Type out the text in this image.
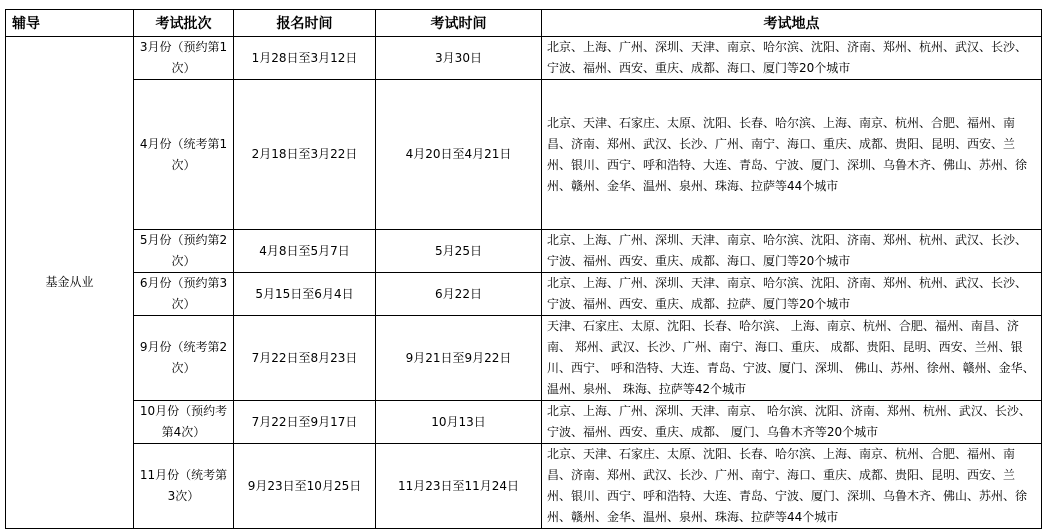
辅导	考试批次	报名时间	考试时间	考试地点
基金从业	3月份（预约第1次）	1月28日至3月12日	3月30日	北京、上海、广州、深圳、天津、南京、哈尔滨、沈阳、济南、郑州、杭州、武汉、长沙、宁波、福州、西安、重庆、成都、海口、厦门等20个城市
	4月份（统考第1次）	2月18日至3月22日	4月20日至4月21日	北京、天津、石家庄、太原、沈阳、长春、哈尔滨、上海、南京、杭州、合肥、福州、南昌、济南、郑州、武汉、长沙、广州、南宁、海口、重庆、成都、贵阳、昆明、西安、兰州、银川、西宁、呼和浩特、大连、青岛、宁波、厦门、深圳、乌鲁木齐、佛山、苏州、徐州、赣州、金华、温州、泉州、珠海、拉萨等44个城市
	5月份（预约第2次）	4月8日至5月7日	5月25日	北京、上海、广州、深圳、天津、南京、哈尔滨、沈阳、济南、郑州、杭州、武汉、长沙、宁波、福州、西安、重庆、成都、海口、厦门等20个城市
	6月份（预约第3次）	5月15日至6月4日	6月22日	北京、上海、广州、深圳、天津、南京、哈尔滨、沈阳、济南、郑州、杭州、武汉、长沙、宁波、福州、西安、重庆、成都、拉萨、厦门等20个城市
	9月份（统考第2次）	7月22日至8月23日	9月21日至9月22日	天津、石家庄、太原、沈阳、长春、哈尔滨、 上海、南京、杭州、合肥、福州、南昌、济南、 郑州、武汉、长沙、广州、南宁、海口、重庆、 成都、贵阳、昆明、西安、兰州、银川、西宁、 呼和浩特、大连、青岛、宁波、厦门、深圳、 佛山、苏州、徐州、赣州、金华、温州、泉州、 珠海、拉萨等42个城市
	10月份（预约考第4次）	7月22日至9月17日	10月13日	北京、上海、广州、深圳、天津、南京、 哈尔滨、沈阳、济南、郑州、杭州、武汉、长沙、宁波、福州、西安、重庆、成都、 厦门、乌鲁木齐等20个城市
	11月份（统考第3次）	9月23日至10月25日	11月23日至11月24日	北京、天津、石家庄、太原、沈阳、长春、哈尔滨、上海、南京、杭州、合肥、福州、南昌、济南、郑州、武汉、长沙、广州、南宁、海口、重庆、成都、贵阳、昆明、西安、兰州、银川、西宁、呼和浩特、大连、青岛、宁波、厦门、深圳、乌鲁木齐、佛山、苏州、徐州、赣州、金华、温州、泉州、珠海、拉萨等44个城市
